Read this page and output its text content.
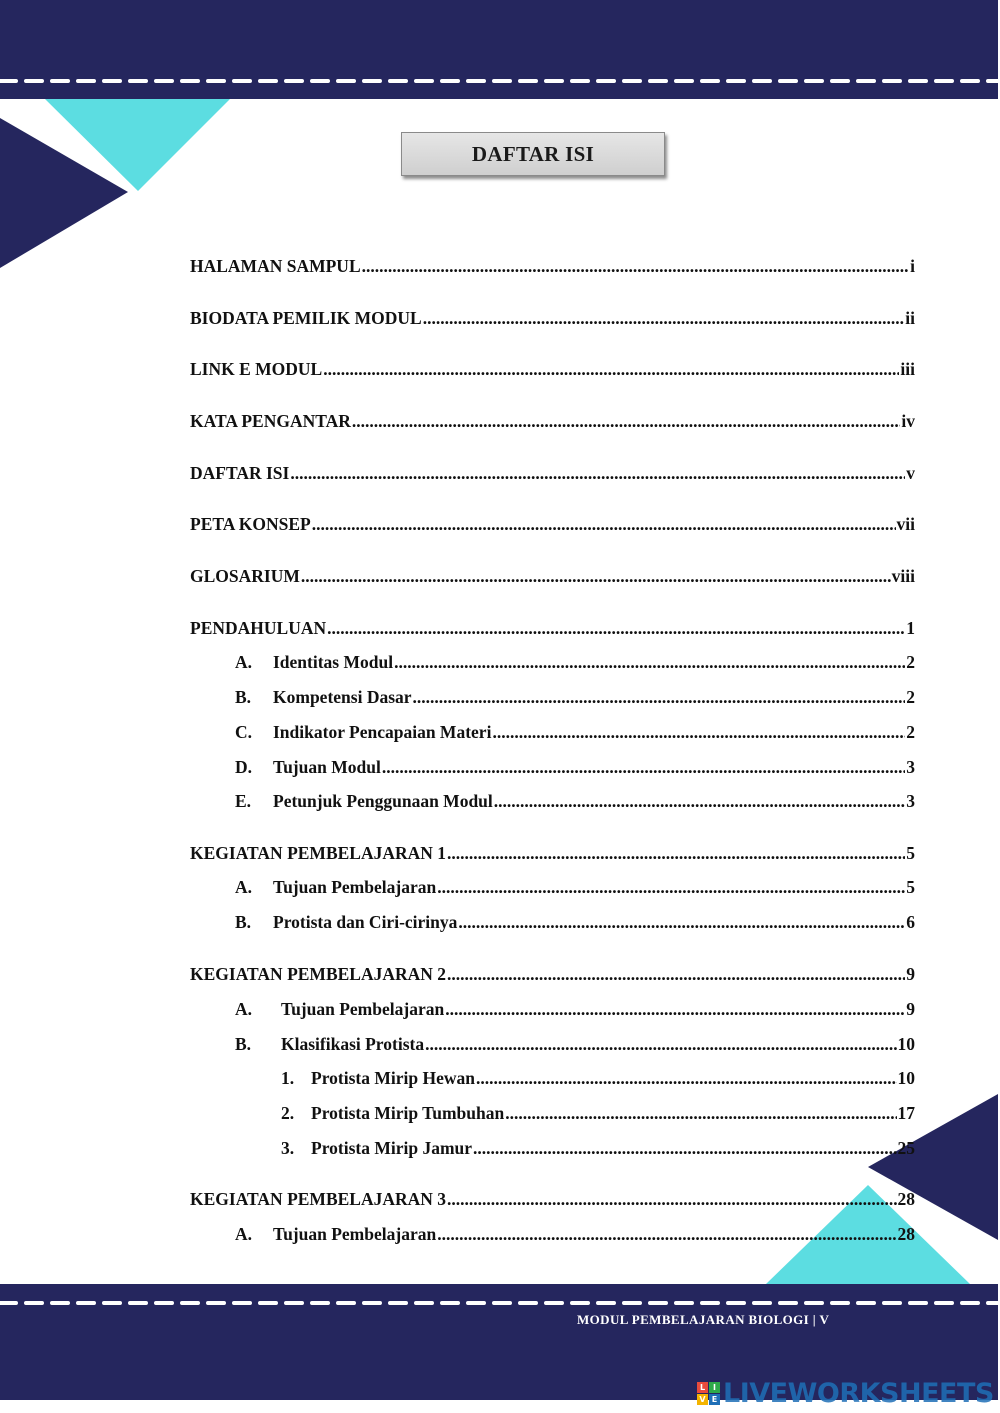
DAFTAR ISI
HALAMAN SAMPUL .....	i
BIODATA PEMILIK MODUL .....	ii
LINK E MODUL .....	iii
KATA PENGANTAR .....	iv
DAFTAR ISI .....	v
PETA KONSEP .....	vii
GLOSARIUM .....	viii
PENDAHULUAN .....	1
A.	Identitas Modul .....	2
B.	Kompetensi Dasar .....	2
C.	Indikator Pencapaian Materi .....	2
D.	Tujuan Modul .....	3
E.	Petunjuk Penggunaan Modul .....	3
KEGIATAN PEMBELAJARAN 1 .....	5
A.	Tujuan Pembelajaran .....	5
B.	Protista dan Ciri-cirinya .....	6
KEGIATAN PEMBELAJARAN 2 .....	9
A.	Tujuan Pembelajaran .....	9
B.	Klasifikasi Protista .....	10
1. Protista Mirip Hewan .....	10
2. Protista Mirip Tumbuhan .....	17
3. Protista Mirip Jamur .....	25
KEGIATAN PEMBELAJARAN 3 .....	28
A.	Tujuan Pembelajaran .....	28
MODUL PEMBELAJARAN BIOLOGI | V
L I
V E LIVEWORKSHEETS
